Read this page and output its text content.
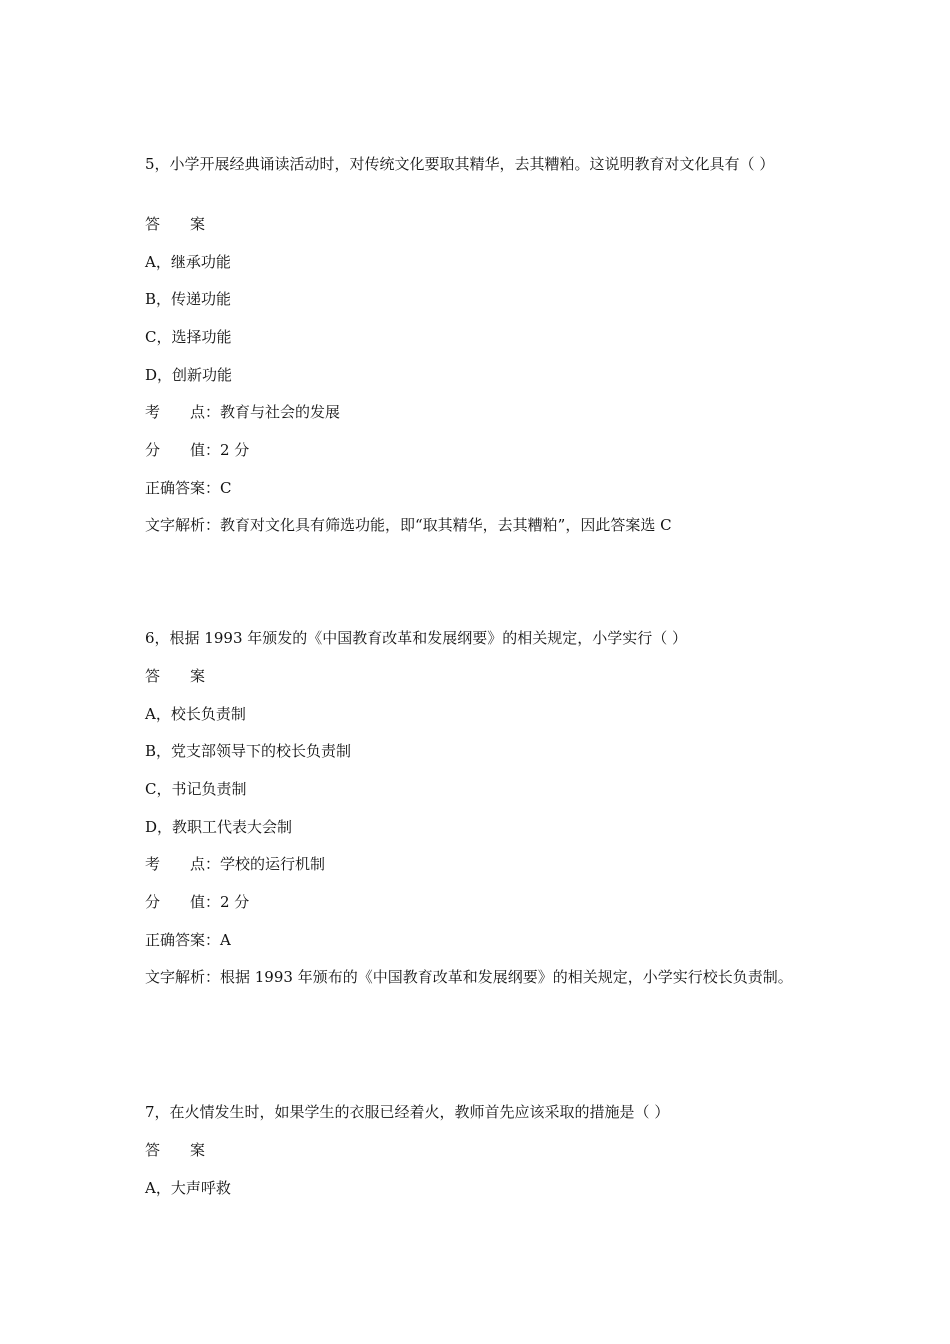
5，小学开展经典诵读活动时，对传统文化要取其精华，去其糟粕。这说明教育对文化具有（ ）
答　　案
A，继承功能
B，传递功能
C，选择功能
D，创新功能
考　　点：教育与社会的发展
分　　值：2 分
正确答案：C
文字解析：教育对文化具有筛选功能，即“取其精华，去其糟粕”，因此答案选 C
6，根据 1993 年颁发的《中国教育改革和发展纲要》的相关规定，小学实行（ ）
答　　案
A，校长负责制
B，党支部领导下的校长负责制
C，书记负责制
D，教职工代表大会制
考　　点：学校的运行机制
分　　值：2 分
正确答案：A
文字解析：根据 1993 年颁布的《中国教育改革和发展纲要》的相关规定，小学实行校长负责制。
7，在火情发生时，如果学生的衣服已经着火，教师首先应该采取的措施是（ ）
答　　案
A，大声呼救
